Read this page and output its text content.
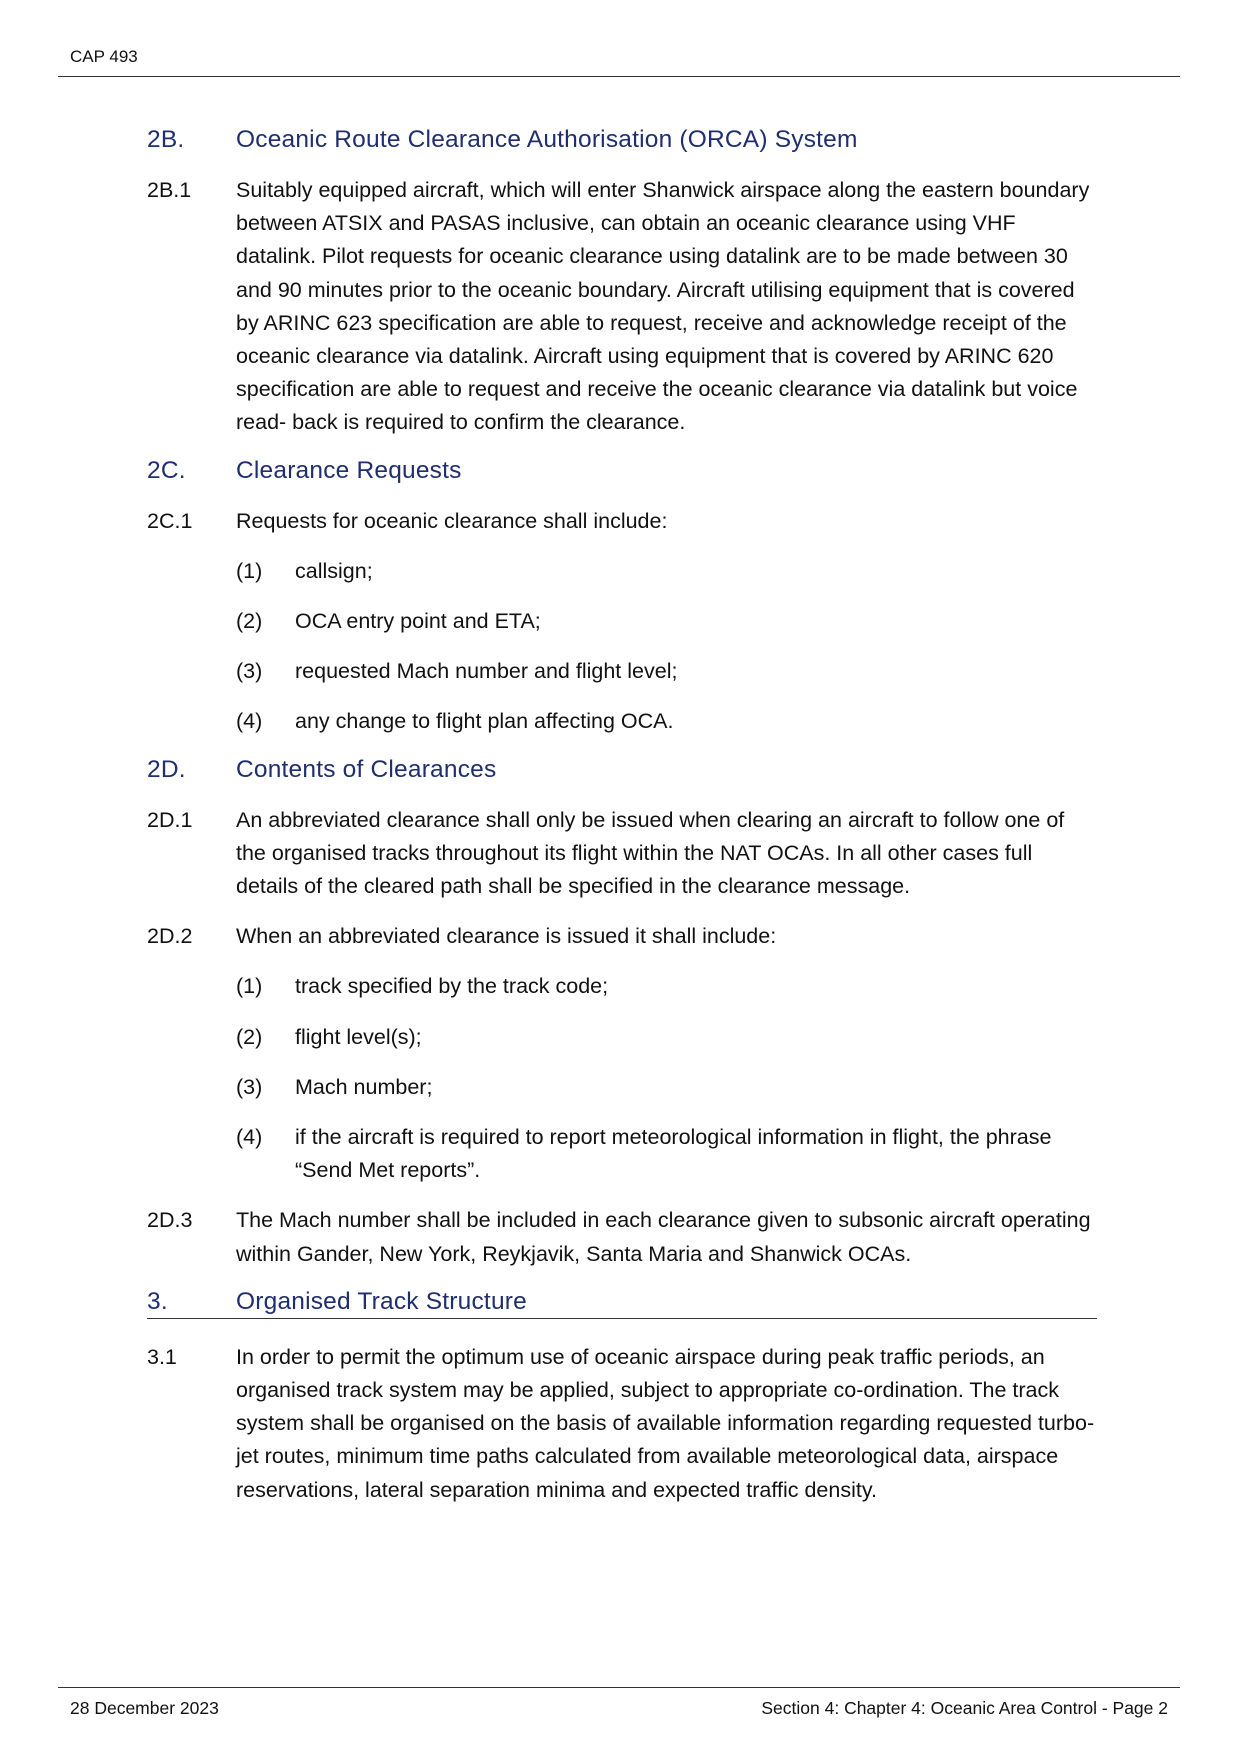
CAP 493
2B. Oceanic Route Clearance Authorisation (ORCA) System
2B.1 Suitably equipped aircraft, which will enter Shanwick airspace along the eastern boundary between ATSIX and PASAS inclusive, can obtain an oceanic clearance using VHF datalink. Pilot requests for oceanic clearance using datalink are to be made between 30 and 90 minutes prior to the oceanic boundary. Aircraft utilising equipment that is covered by ARINC 623 specification are able to request, receive and acknowledge receipt of the oceanic clearance via datalink. Aircraft using equipment that is covered by ARINC 620 specification are able to request and receive the oceanic clearance via datalink but voice read- back is required to confirm the clearance.
2C. Clearance Requests
2C.1 Requests for oceanic clearance shall include:
(1) callsign;
(2) OCA entry point and ETA;
(3) requested Mach number and flight level;
(4) any change to flight plan affecting OCA.
2D. Contents of Clearances
2D.1 An abbreviated clearance shall only be issued when clearing an aircraft to follow one of the organised tracks throughout its flight within the NAT OCAs. In all other cases full details of the cleared path shall be specified in the clearance message.
2D.2 When an abbreviated clearance is issued it shall include:
(1) track specified by the track code;
(2) flight level(s);
(3) Mach number;
(4) if the aircraft is required to report meteorological information in flight, the phrase “Send Met reports”.
2D.3 The Mach number shall be included in each clearance given to subsonic aircraft operating within Gander, New York, Reykjavik, Santa Maria and Shanwick OCAs.
3.	Organised Track Structure
3.1	In order to permit the optimum use of oceanic airspace during peak traffic periods, an organised track system may be applied, subject to appropriate co-ordination. The track system shall be organised on the basis of available information regarding requested turbo-jet routes, minimum time paths calculated from available meteorological data, airspace reservations, lateral separation minima and expected traffic density.
28 December 2023	Section 4: Chapter 4: Oceanic Area Control - Page 2
